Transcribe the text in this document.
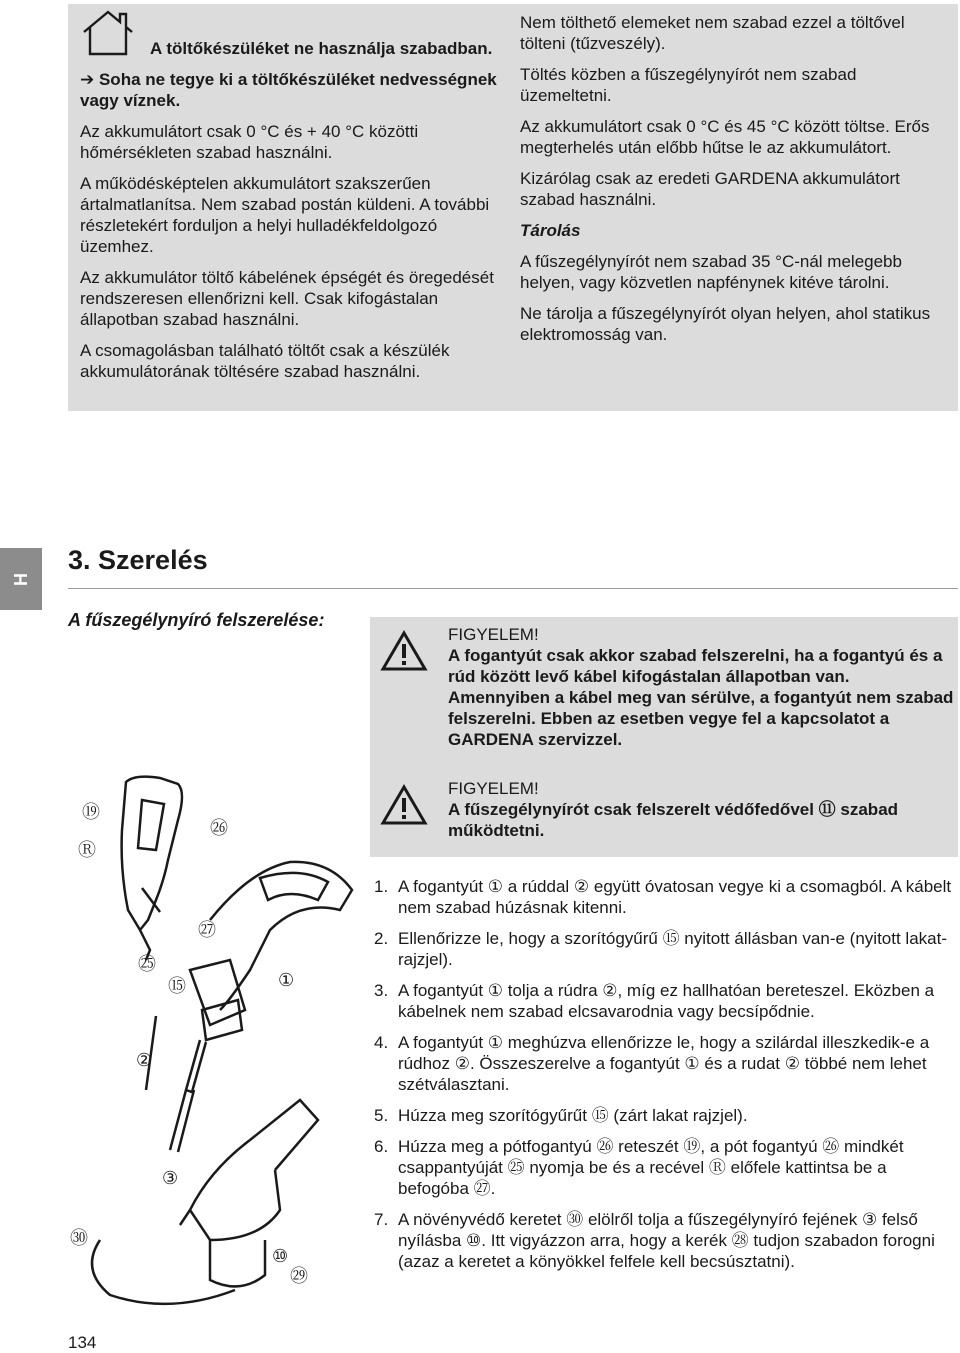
A töltőkészüléket ne használja szabadban.

➔ Soha ne tegye ki a töltőkészüléket nedvességnek vagy víznek.

Az akkumulátort csak 0 °C és + 40 °C közötti hőmérsékleten szabad használni.

A működésképtelen akkumulátort szakszerűen ártalmatlanítsa. Nem szabad postán küldeni. A további részletekért forduljon a helyi hulladékfeldolgozó üzemhez.

Az akkumulátor töltő kábelének épségét és öregedését rendszeresen ellenőrizni kell. Csak kifogástalan állapotban szabad használni.

A csomagolásban található töltőt csak a készülék akkumulátorának töltésére szabad használni.

Nem tölthető elemeket nem szabad ezzel a töltővel tölteni (tűzveszély).

Töltés közben a fűszegélynyírót nem szabad üzemeltetni.

Az akkumulátort csak 0 °C és 45 °C között töltse. Erős megterhelés után előbb hűtse le az akkumulátort.

Kizárólag csak az eredeti GARDENA akkumulátort szabad használni.

Tárolás

A fűszegélynyírót nem szabad 35 °C-nál melegebb helyen, vagy közvetlen napfénynek kitéve tárolni.

Ne tárolja a fűszegélynyírót olyan helyen, ahol statikus elektromosság van.

H
3. Szerelés
A fűszegélynyíró felszerelése:
FIGYELEM!
A fogantyút csak akkor szabad felszerelni, ha a fogantyú és a rúd között levő kábel kifogástalan állapotban van. Amennyiben a kábel meg van sérülve, a fogantyút nem szabad felszerelni. Ebben az esetben vegye fel a kapcsolatot a GARDENA szervizzel.
FIGYELEM!
A fűszegélynyírót csak felszerelt védőfedővel ⑪ szabad működtetni.
1. A fogantyút ① a rúddal ② együtt óvatosan vegye ki a csomagból. A kábelt nem szabad húzásnak kitenni.
2. Ellenőrizze le, hogy a szorítógyűrű ⑮ nyitott állásban van-e (nyitott lakat-rajzjel).
3. A fogantyút ① tolja a rúdra ②, míg ez hallhatóan bereteszel. Eközben a kábelnek nem szabad elcsavarodnia vagy becsípődnie.
4. A fogantyút ① meghúzva ellenőrizze le, hogy a szilárdal illeszkedik-e a rúdhoz ②. Összeszerelve a fogantyút ① és a rudat ② többé nem lehet szétválasztani.
5. Húzza meg szorítógyűrűt ⑮ (zárt lakat rajzjel).
6. Húzza meg a pótfogantyú ㉖ reteszét ⑲, a pót fogantyú ㉖ mindkét csappantyúját ㉕ nyomja be és a recével Ⓡ előfele kattintsa be a befogóba ㉗.
7. A növényvédő keretet ㉚ elölről tolja a fűszegélynyíró fejének ③ felső nyílásba ⑩. Itt vigyázzon arra, hogy a kerék ㉘ tudjon szabadon forogni (azaz a keretet a könyökkel felfele kell becsúsztatni).
⑲
Ⓡ
㉖
㉗
㉕
⑮	①
②
③
㉚
⑩
㉙
134
